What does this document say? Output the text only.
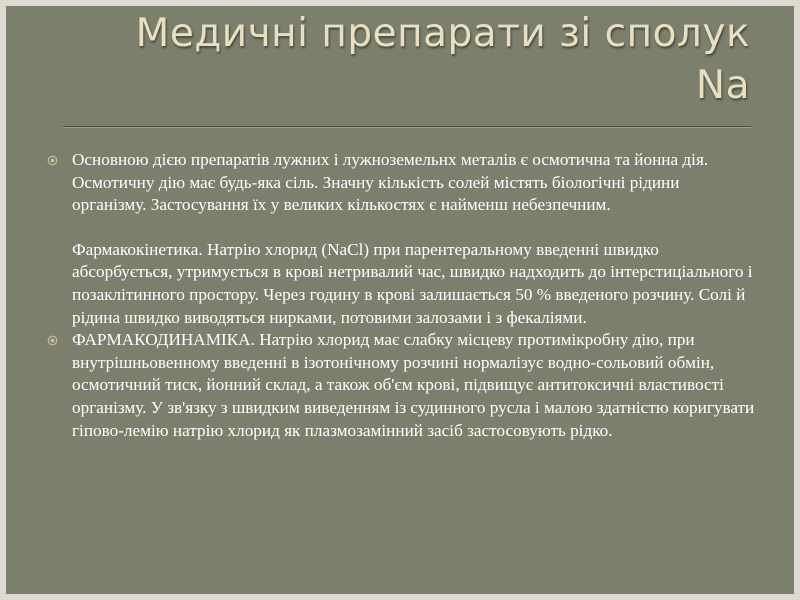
Медичні препарати зі сполук
Na

Основною дією препаратів лужних і лужноземельнх металів є осмотична та йонна дія. Осмотичну дію має будь-яка сіль. Значну кількість солей містять біологічні рідини організму. Застосування їх у великих кількостях є найменш небезпечним.

Фармакокінетика. Натрію хлорид (NaCl) при парентеральному введенні швидко абсорбується, утримується в крові нетривалий час, швидко надходить до інтерстиціального і позаклітинного простору. Через годину в крові залишається 50 % введеного розчину. Солі й рідина швидко виводяться нирками, потовими залозами і з фекаліями.

ФАРМАКОДИНАМІКА. Натрію хлорид має слабку місцеву протимікробну дію, при внутрішньовенному введенні в ізотонічному розчині нормалізує водно-сольовий обмін, осмотичний тиск, йонний склад, а також об'єм крові, підвищує антитоксичні властивості організму. У зв'язку з швидким виведенням із судинного русла і малою здатністю коригувати гіпово-лемію натрію хлорид як плазмозамінний засіб застосовують рідко.
